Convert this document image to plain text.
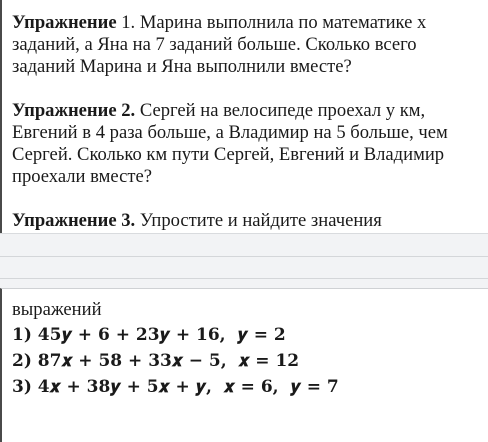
Упражнение 1. Марина выполнила по математике х заданий, а Яна на 7 заданий больше. Сколько всего заданий Марина и Яна выполнили вместе?

Упражнение 2. Сергей на велосипеде проехал у км, Евгений в 4 раза больше, а Владимир на 5 больше, чем Сергей. Сколько км пути Сергей, Евгений и Владимир проехали вместе?

Упражнение 3. Упростите и найдите значения

выражений
1) 45𝒚 + 6 + 23𝒚 + 16,  𝒚 = 2
2) 87𝒙 + 58 + 33𝒙 − 5,  𝒙 = 12
3) 4𝒙 + 38𝒚 + 5𝒙 + 𝒚,  𝒙 = 6,  𝒚 = 7
